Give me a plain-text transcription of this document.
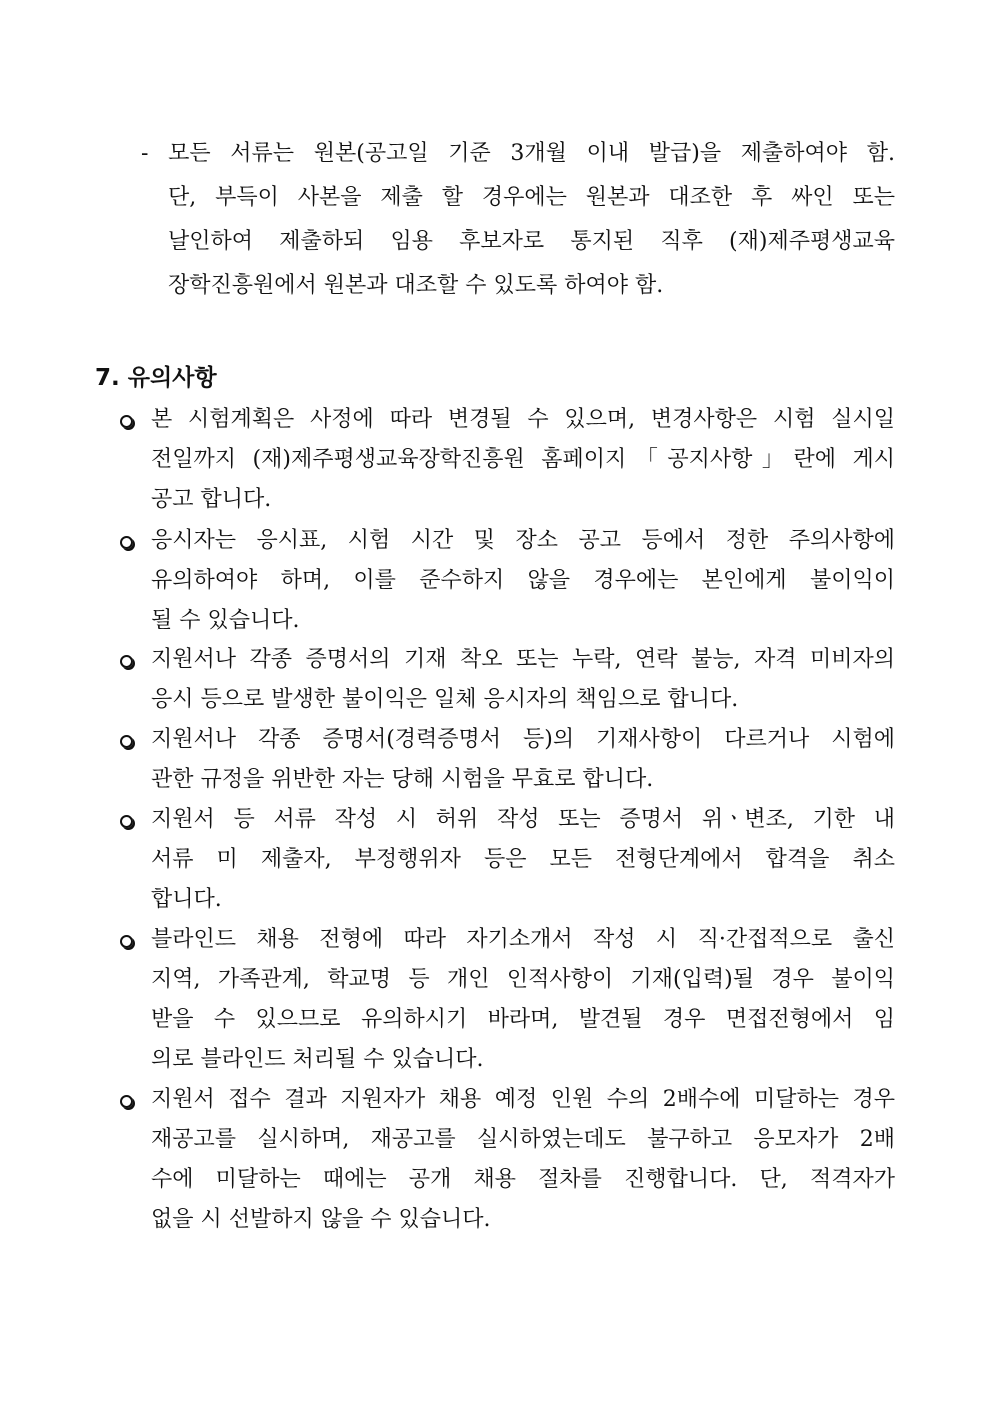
- 모든 서류는 원본(공고일 기준 3개월 이내 발급)을 제출하여야 함.

단, 부득이 사본을 제출 할 경우에는 원본과 대조한 후 싸인 또는

날인하여 제출하되 임용 후보자로 통지된 직후 (재)제주평생교육

장학진흥원에서 원본과 대조할 수 있도록 하여야 함.

7. 유의사항

본 시험계획은 사정에 따라 변경될 수 있으며, 변경사항은 시험 실시일

전일까지 (재)제주평생교육장학진흥원 홈페이지「공지사항」란에 게시

공고 합니다.

응시자는 응시표, 시험 시간 및 장소 공고 등에서 정한 주의사항에

유의하여야 하며, 이를 준수하지 않을 경우에는 본인에게 불이익이

될 수 있습니다.

지원서나 각종 증명서의 기재 착오 또는 누락, 연락 불능, 자격 미비자의

응시 등으로 발생한 불이익은 일체 응시자의 책임으로 합니다.

지원서나 각종 증명서(경력증명서 등)의 기재사항이 다르거나 시험에

관한 규정을 위반한 자는 당해 시험을 무효로 합니다.

지원서 등 서류 작성 시 허위 작성 또는 증명서 위ㆍ변조, 기한 내

서류 미 제출자, 부정행위자 등은 모든 전형단계에서 합격을 취소

합니다.

블라인드 채용 전형에 따라 자기소개서 작성 시 직·간접적으로 출신

지역, 가족관계, 학교명 등 개인 인적사항이 기재(입력)될 경우 불이익

받을 수 있으므로 유의하시기 바라며, 발견될 경우 면접전형에서 임

의로 블라인드 처리될 수 있습니다.

지원서 접수 결과 지원자가 채용 예정 인원 수의 2배수에 미달하는 경우

재공고를 실시하며, 재공고를 실시하였는데도 불구하고 응모자가 2배

수에 미달하는 때에는 공개 채용 절차를 진행합니다. 단, 적격자가

없을 시 선발하지 않을 수 있습니다.
